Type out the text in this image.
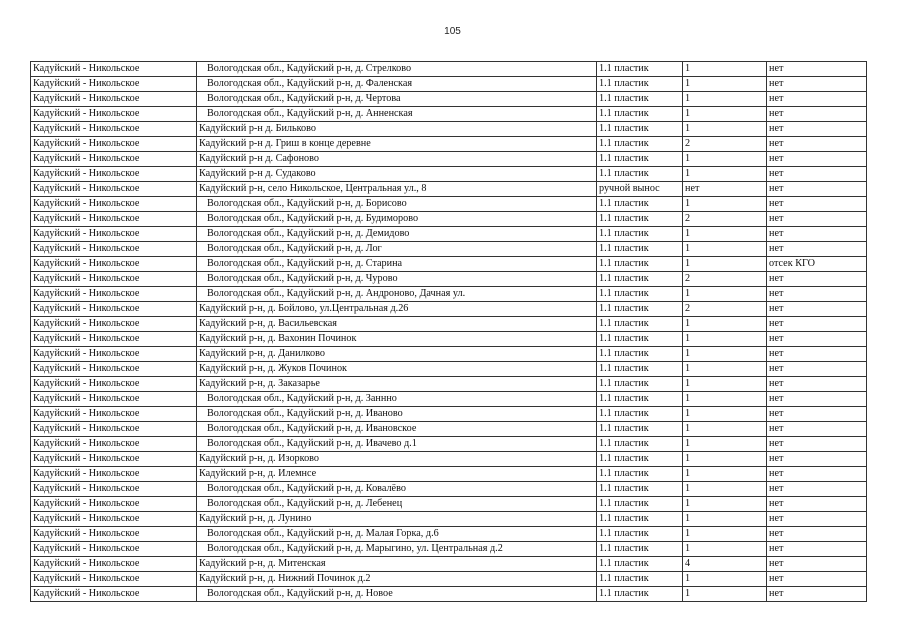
105
Кадуйский - Никольское	Вологодская обл., Кадуйский р-н, д. Стрелково	1.1 пластик	1	нет
Кадуйский - Никольское	Вологодская обл., Кадуйский р-н, д. Фаленская	1.1 пластик	1	нет
Кадуйский - Никольское	Вологодская обл., Кадуйский р-н, д. Чертова	1.1 пластик	1	нет
Кадуйский - Никольское	Вологодская обл., Кадуйский р-н, д. Анненская	1.1 пластик	1	нет
Кадуйский - Никольское	Кадуйский р-н д. Бильково	1.1 пластик	1	нет
Кадуйский - Никольское	Кадуйский р-н д. Гриш в конце деревне	1.1 пластик	2	нет
Кадуйский - Никольское	Кадуйский р-н д. Сафоново	1.1 пластик	1	нет
Кадуйский - Никольское	Кадуйский р-н д. Судаково	1.1 пластик	1	нет
Кадуйский - Никольское	Кадуйский р-н, село Никольское, Центральная ул., 8	ручной вынос	нет	нет
Кадуйский - Никольское	Вологодская обл., Кадуйский р-н, д. Борисово	1.1 пластик	1	нет
Кадуйский - Никольское	Вологодская обл., Кадуйский р-н, д. Будиморово	1.1 пластик	2	нет
Кадуйский - Никольское	Вологодская обл., Кадуйский р-н, д. Демидово	1.1 пластик	1	нет
Кадуйский - Никольское	Вологодская обл., Кадуйский р-н, д. Лог	1.1 пластик	1	нет
Кадуйский - Никольское	Вологодская обл., Кадуйский р-н, д. Старина	1.1 пластик	1	отсек КГО
Кадуйский - Никольское	Вологодская обл., Кадуйский р-н, д. Чурово	1.1 пластик	2	нет
Кадуйский - Никольское	Вологодская обл., Кадуйский р-н, д. Андроново, Дачная ул.	1.1 пластик	1	нет
Кадуйский - Никольское	Кадуйский р-н, д. Бойлово, ул.Центральная д.26	1.1 пластик	2	нет
Кадуйский - Никольское	Кадуйский р-н, д. Васильевская	1.1 пластик	1	нет
Кадуйский - Никольское	Кадуйский р-н, д. Вахонин Починок	1.1 пластик	1	нет
Кадуйский - Никольское	Кадуйский р-н, д. Данилково	1.1 пластик	1	нет
Кадуйский - Никольское	Кадуйский р-н, д. Жуков Починок	1.1 пластик	1	нет
Кадуйский - Никольское	Кадуйский р-н, д. Заказарье	1.1 пластик	1	нет
Кадуйский - Никольское	Вологодская обл., Кадуйский р-н, д. Заннно	1.1 пластик	1	нет
Кадуйский - Никольское	Вологодская обл., Кадуйский р-н, д. Иваново	1.1 пластик	1	нет
Кадуйский - Никольское	Вологодская обл., Кадуйский р-н, д. Ивановское	1.1 пластик	1	нет
Кадуйский - Никольское	Вологодская обл., Кадуйский р-н, д. Ивачево д.1	1.1 пластик	1	нет
Кадуйский - Никольское	Кадуйский р-н, д. Изорково	1.1 пластик	1	нет
Кадуйский - Никольское	Кадуйский р-н, д. Илемнсе	1.1 пластик	1	нет
Кадуйский - Никольское	Вологодская обл., Кадуйский р-н, д. Ковалёво	1.1 пластик	1	нет
Кадуйский - Никольское	Вологодская обл., Кадуйский р-н, д. Лебенец	1.1 пластик	1	нет
Кадуйский - Никольское	Кадуйский р-н, д. Лунино	1.1 пластик	1	нет
Кадуйский - Никольское	Вологодская обл., Кадуйский р-н, д. Малая Горка, д.6	1.1 пластик	1	нет
Кадуйский - Никольское	Вологодская обл., Кадуйский р-н, д. Марыгино, ул. Центральная д.2	1.1 пластик	1	нет
Кадуйский - Никольское	Кадуйский р-н, д. Митенская	1.1 пластик	4	нет
Кадуйский - Никольское	Кадуйский р-н, д. Нижний Починок д.2	1.1 пластик	1	нет
Кадуйский - Никольское	Вологодская обл., Кадуйский р-н, д. Новое	1.1 пластик	1	нет
